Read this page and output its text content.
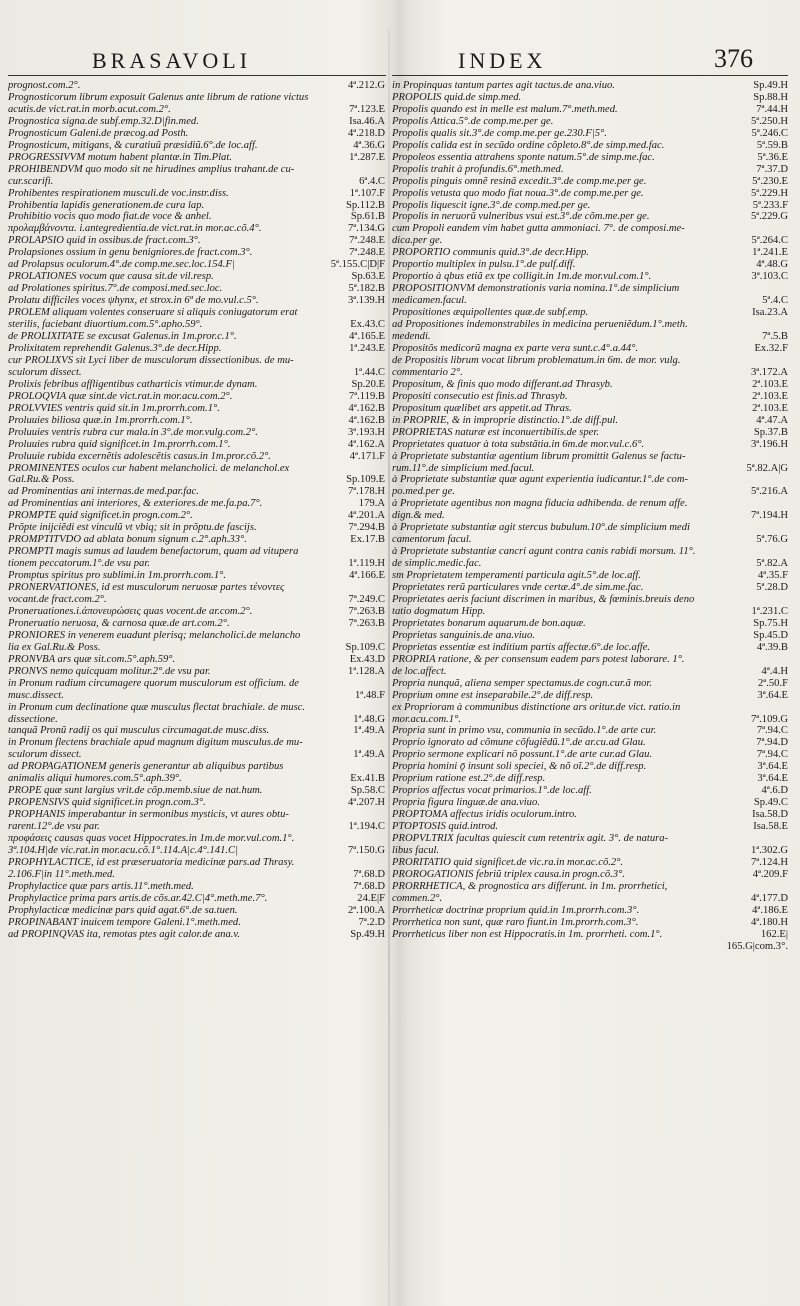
BRASAVOLI	INDEX	376
prognost.com.2°.	4ª.212.G
Prognosticorum librum exposuit Galenus ante librum de ratione victus
acutis.de vict.rat.in morb.acut.com.2°.	7ª.123.E
Prognostica signa.de subf.emp.32.D|fin.med.	Isa.46.A
Prognosticum Galeni.de præcog.ad Posth.	4ª.218.D
Prognosticum, mitigans, & curatiuũ præsidiũ.6°.de loc.aff.	4ª.36.G
PROGRESSIVVM motum habent plantæ.in Tim.Plat.	1ª.287.E
PROHIBENDVM quo modo sit ne hirudines amplius trahant.de cu-
cur.scarifi.	6ª.4.C
Prohibentes respirationem musculi.de voc.instr.diss.	1ª.107.F
Prohibentia lapidis generationem.de cura lap.	Sp.112.B
Prohibitio vocis quo modo fiat.de voce & anhel.	Sp.61.B
προλαμβάνοντα. i.antegredientia.de vict.rat.in mor.ac.cõ.4°.	7ª.134.G
PROLAPSIO quid in ossibus.de fract.com.3°.	7ª.248.E
Prolapsiones ossium in genu benigniores.de fract.com.3°.	7ª.248.E
ad Prolapsus oculorum.4°.de comp.me.sec.loc.154.F|	5ª.155.C|D|F
PROLATIONES vocum que causa sit.de vil.resp.	Sp.63.E
ad Prolationes spiritus.7°.de composi.med.sec.loc.	5ª.182.B
Prolatu difficiles voces ψhynx, et strox.in 6ª de mo.vul.c.5°.	3ª.139.H
PROLEM aliquam volentes conseruare si aliquis coniugatorum erat
sterilis, faciebant diuortium.com.5°.apho.59°.	Ex.43.C
de PROLIXITATE se excusat Galenus.in 1m.pror.c.1°.	4ª.165.E
Prolixitatem reprehendit Galenus.3°.de decr.Hipp.	1ª.243.E
cur PROLIXVS sit Lyci liber de musculorum dissectionibus. de mu-
sculorum dissect.	1ª.44.C
Prolixis febribus affligentibus catharticis vtimur.de dynam.	Sp.20.E
PROLOQVIA quæ sint.de vict.rat.in mor.acu.com.2°.	7ª.119.B
PROLVVIES ventris quid sit.in 1m.prorrh.com.1°.	4ª.162.B
Proluuies biliosa quæ.in 1m.prorrh.com.1°.	4ª.162.B
Proluuies ventris rubra cur mala.in 3°.de mor.vulg.com.2°.	3ª.193.H
Proluuies rubra quid significet.in 1m.prorrh.com.1°.	4ª.162.A
Proluuie rubida excernẽtis adolescẽtis casus.in 1m.pror.cõ.2°.	4ª.171.F
PROMINENTES oculos cur habent melancholici. de melanchol.ex
Gal.Ru.& Poss.	Sp.109.E
ad Prominentias ani internas.de med.par.fac.	7ª.178.H
ad Prominentias ani interiores, & exteriores.de me.fa.pa.7°.	179.A
PROMPTE quid significet.in progn.com.2°.	4ª.201.A
Prõpte inijciẽdi est vinculũ vt vbiq; sit in prõptu.de fascijs.	7ª.294.B
PROMPTITVDO ad ablata bonum signum c.2°.aph.33°.	Ex.17.B
PROMPTI magis sumus ad laudem benefactorum, quam ad vitupera
tionem peccatorum.1°.de vsu par.	1ª.119.H
Promptus spiritus pro sublimi.in 1m.prorrh.com.1°.	4ª.166.E
PRONERVATIONES, id est musculorum neruosæ partes τένοντες
vocant.de fract.com.2°.	7ª.249.C
Proneruationes.i.ἀπονευρώσεις quas vocent.de ar.com.2°.	7ª.263.B
Proneruatio neruosa, & carnosa quæ.de art.com.2°.	7ª.263.B
PRONIORES in venerem euadunt plerisq; melancholici.de melancho
lia ex Gal.Ru.& Poss.	Sp.109.C
PRONVBA ars quæ sit.com.5°.aph.59°.	Ex.43.D
PRONVS nemo quicquam molitur.2°.de vsu par.	1ª.128.A
in Pronum radium circumagere quorum musculorum est officium. de
musc.dissect.	1ª.48.F
in Pronum cum declinatione quæ musculus flectat brachiale. de musc.
dissectione.	1ª.48.G
tanquã Pronũ radij os qui musculus circumagat.de musc.diss.	1ª.49.A
in Pronum flectens brachiale apud magnum digitum musculus.de mu-
sculorum dissect.	1ª.49.A
ad PROPAGATIONEM generis generantur ab aliquibus partibus
animalis aliqui humores.com.5°.aph.39°.	Ex.41.B
PROPE quæ sunt largius vrit.de cõp.memb.siue de nat.hum.	Sp.58.C
PROPENSIVS quid significet.in progn.com.3°.	4ª.207.H
PROPHANIS imperabantur in sermonibus mysticis, vt aures obtu-
rarent.12°.de vsu par.	1ª.194.C
προφάσεις causas quas vocet Hippocrates.in 1m.de mor.vul.com.1°.
3ª.104.H|de vic.rat.in mor.acu.cõ.1°.114.A|c.4°.141.C|	7ª.150.G
PROPHYLACTICE, id est præseruatoria medicinæ pars.ad Thrasy.
2.106.F|in 11°.meth.med.	7ª.68.D
Prophylactice quæ pars artis.11°.meth.med.	7ª.68.D
Prophylactice prima pars artis.de cõs.ar.42.C|4°.meth.me.7°.	24.E|F
Prophylacticæ medicinæ pars quid agat.6°.de sa.tuen.	2ª.100.A
PROPINABANT inuicem tempore Galeni.1°.meth.med.	7ª.2.D
ad PROPINQVAS ita, remotas ptes agit calor.de ana.v.	Sp.49.H
in Propinquas tantum partes agit tactus.de ana.viuo.	Sp.49.H
PROPOLIS quid.de simp.med.	Sp.88.H
Propolis quando est in melle est malum.7°.meth.med.	7ª.44.H
Propolis Attica.5°.de comp.me.per ge.	5ª.250.H
Propolis qualis sit.3°.de comp.me.per ge.230.F|5°.	5ª.246.C
Propolis calida est in secũdo ordine cõpleto.8°.de simp.med.fac.	5ª.59.B
Propoleos essentia attrahens sponte natum.5°.de simp.me.fac.	5ª.36.E
Propolis trahit à profundis.6°.meth.med.	7ª.37.D
Propolis pinguis omnẽ resinã excedit.3°.de comp.me.per ge.	5ª.230.E
Propolis vetusta quo modo fiat noua.3°.de comp.me.per ge.	5ª.229.H
Propolis liquescit igne.3°.de comp.med.per ge.	5ª.233.F
Propolis in neruorũ vulneribus vsui est.3°.de cõm.me.per ge.	5ª.229.G
cum Propoli eandem vim habet gutta ammoniaci. 7°. de composi.me-
dica.per ge.	5ª.264.C
PROPORTIO communis quid.3°.de decr.Hipp.	1ª.241.E
Proportio multiplex in pulsu.1°.de pulf.diff.	4ª.48.G
Proportio à qbus etiã ex tpe colligit.in 1m.de mor.vul.com.1°.	3ª.103.C
PROPOSITIONVM demonstrationis varia nomina.1°.de simplicium
medicamen.facul.	5ª.4.C
Propositiones æquipollentes quæ.de subf.emp.	Isa.23.A
ad Propositiones indemonstrabiles in medicina perueniẽdum.1°.meth.
medendi.	7ª.5.B
Propositõs medicorũ magna ex parte vera sunt.c.4°.a.44°.	Ex.32.F
de Propositis librum vocat librum problematum.in 6m. de mor. vulg.
commentario 2°.	3ª.172.A
Propositum, & finis quo modo differant.ad Thrasyb.	2ª.103.E
Propositi consecutio est finis.ad Thrasyb.	2ª.103.E
Propositum quælibet ars appetit.ad Thras.	2ª.103.E
in PROPRIE, & in improprie distinctio.1°.de diff.pul.	4ª.47.A
PROPRIETAS naturæ est inconuertibilis.de sper.	Sp.37.B
Proprietates quatuor à tota substãtia.in 6m.de mor.vul.c.6°.	3ª.196.H
à Proprietate substantiæ agentium librum promittit Galenus se factu-
rum.11°.de simplicium med.facul.	5ª.82.A|G
à Proprietate substantiæ quæ agunt experientia iudicantur.1°.de com-
po.med.per ge.	5ª.216.A
à Proprietate agentibus non magna fiducia adhibenda. de renum affe.
dign.& med.	7ª.194.H
à Proprietate substantiæ agit stercus bubulum.10°.de simplicium medi
camentorum facul.	5ª.76.G
à Proprietate substantiæ cancri agunt contra canis rabidi morsum. 11°.
de simplic.medic.fac.	5ª.82.A
sm Proprietatem temperamenti particula agit.5°.de loc.aff.	4ª.35.F
Proprietates rerũ particulares vnde certæ.4°.de sim.me.fac.	5ª.28.D
Proprietates aeris faciunt discrimen in maribus, & fœminis.breuis deno
tatio dogmatum Hipp.	1ª.231.C
Proprietates bonarum aquarum.de bon.aquæ.	Sp.75.H
Proprietas sanguinis.de ana.viuo.	Sp.45.D
Proprietas essentiæ est inditium partis affectæ.6°.de loc.affe.	4ª.39.B
PROPRIA ratione, & per consensum eadem pars potest laborare. 1°.
de loc.affect.	4ª.4.H
Propria nunquã, aliena semper spectamus.de cogn.cur.ã mor.	2ª.50.F
Proprium omne est inseparabile.2°.de diff.resp.	3ª.64.E
ex Proprioram à communibus distinctione ars oritur.de vict. ratio.in
mor.acu.com.1°.	7ª.109.G
Propria sunt in primo vsu, communia in secũdo.1°.de arte cur.	7ª.94.C
Proprio ignorato ad cõmune cõfugiẽdũ.1°.de ar.cu.ad Glau.	7ª.94.D
Proprio sermone explicari nõ possunt.1°.de arte cur.ad Glau.	7ª.94.C
Propria homini ǭ insunt soli speciei, & nõ oĩ.2°.de diff.resp.	3ª.64.E
Proprium ratione est.2°.de diff.resp.	3ª.64.E
Proprios affectus vocat primarios.1°.de loc.aff.	4ª.6.D
Propria figura linguæ.de ana.viuo.	Sp.49.C
PROPTOMA affectus iridis oculorum.intro.	Isa.58.D
PTOPTOSIS quid.introd.	Isa.58.E
PROPVLTRIX facultas quiescit cum retentrix agit. 3°. de natura-
libus facul.	1ª.302.G
PRORITATIO quid significet.de vic.ra.in mor.ac.cõ.2°.	7ª.124.H
PROROGATIONIS febriũ triplex causa.in progn.cõ.3°.	4ª.209.F
PRORRHETICA, & prognostica ars differunt. in 1m. prorrhetici,
commen.2°.	4ª.177.D
Prorrheticæ doctrinæ proprium quid.in 1m.prorrh.com.3°.	4ª.186.E
Prorrhetica non sunt, quæ raro fiunt.in 1m.prorrh.com.3°.	4ª.180.H
Prorrheticus liber non est Hippocratis.in 1m. prorrheti. com.1°.	162.E|
165.G|com.3°.
